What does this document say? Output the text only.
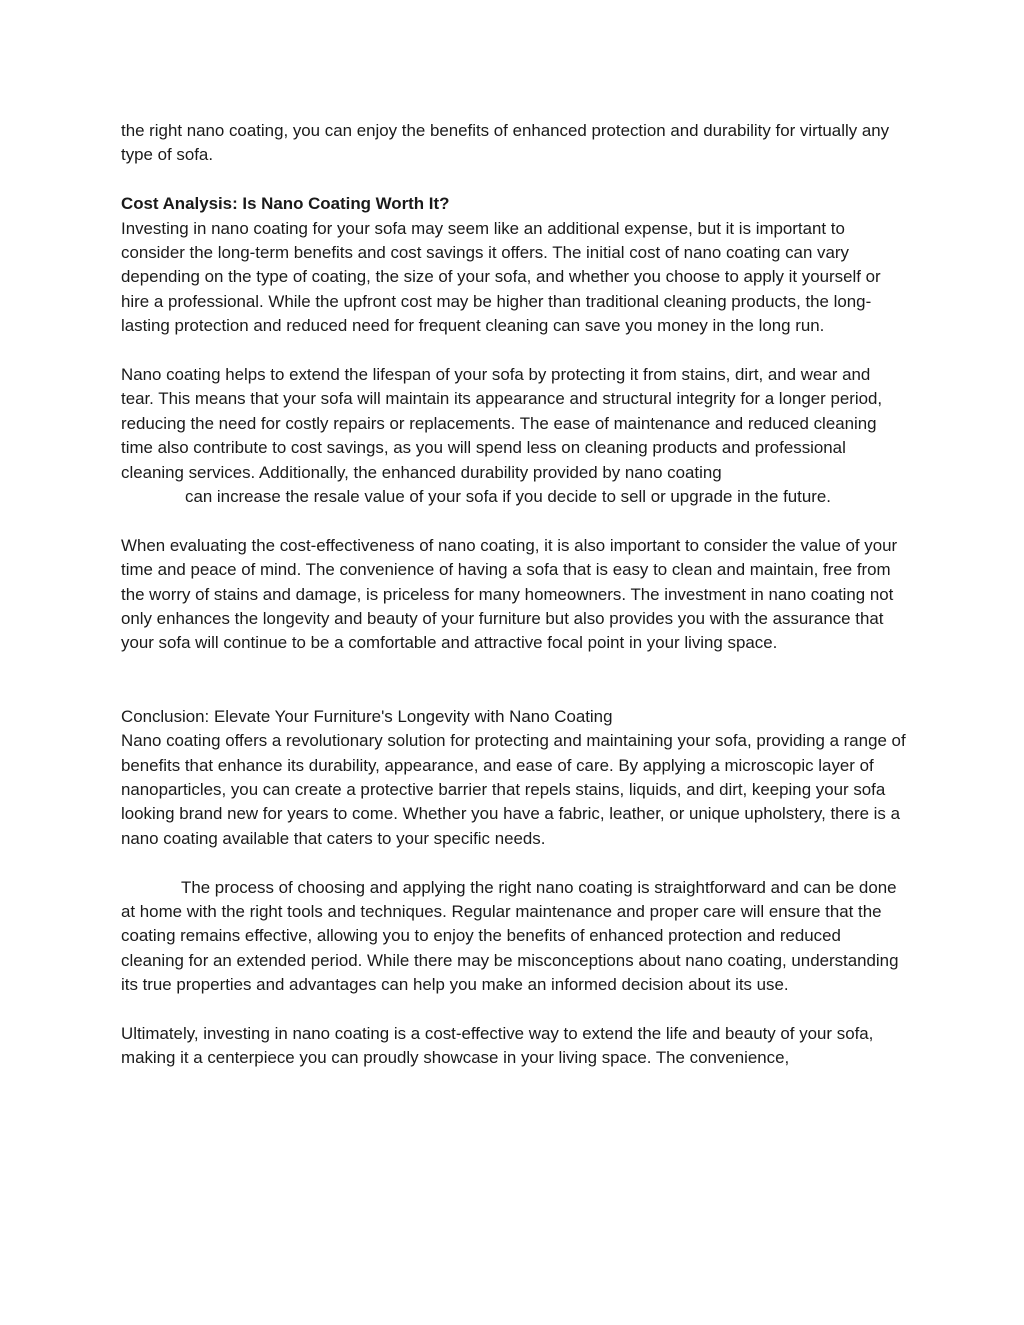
the right nano coating, you can enjoy the benefits of enhanced protection and durability for virtually any type of sofa.

Cost Analysis: Is Nano Coating Worth It?

Investing in nano coating for your sofa may seem like an additional expense, but it is important to consider the long-term benefits and cost savings it offers. The initial cost of nano coating can vary depending on the type of coating, the size of your sofa, and whether you choose to apply it yourself or hire a professional. While the upfront cost may be higher than traditional cleaning products, the long-lasting protection and reduced need for frequent cleaning can save you money in the long run.

Nano coating helps to extend the lifespan of your sofa by protecting it from stains, dirt, and wear and tear. This means that your sofa will maintain its appearance and structural integrity for a longer period, reducing the need for costly repairs or replacements. The ease of maintenance and reduced cleaning time also contribute to cost savings, as you will spend less on cleaning products and professional cleaning services. Additionally, the enhanced durability provided by nano coating

can increase the resale value of your sofa if you decide to sell or upgrade in the future.

When evaluating the cost-effectiveness of nano coating, it is also important to consider the value of your time and peace of mind. The convenience of having a sofa that is easy to clean and maintain, free from the worry of stains and damage, is priceless for many homeowners. The investment in nano coating not only enhances the longevity and beauty of your furniture but also provides you with the assurance that your sofa will continue to be a comfortable and attractive focal point in your living space.

Conclusion: Elevate Your Furniture's Longevity with Nano Coating

Nano coating offers a revolutionary solution for protecting and maintaining your sofa, providing a range of benefits that enhance its durability, appearance, and ease of care. By applying a microscopic layer of nanoparticles, you can create a protective barrier that repels stains, liquids, and dirt, keeping your sofa looking brand new for years to come. Whether you have a fabric, leather, or unique upholstery, there is a nano coating available that caters to your specific needs.

The process of choosing and applying the right nano coating is straightforward and can be done at home with the right tools and techniques. Regular maintenance and proper care will ensure that the coating remains effective, allowing you to enjoy the benefits of enhanced protection and reduced cleaning for an extended period. While there may be misconceptions about nano coating, understanding its true properties and advantages can help you make an informed decision about its use.

Ultimately, investing in nano coating is a cost-effective way to extend the life and beauty of your sofa, making it a centerpiece you can proudly showcase in your living space. The convenience,
